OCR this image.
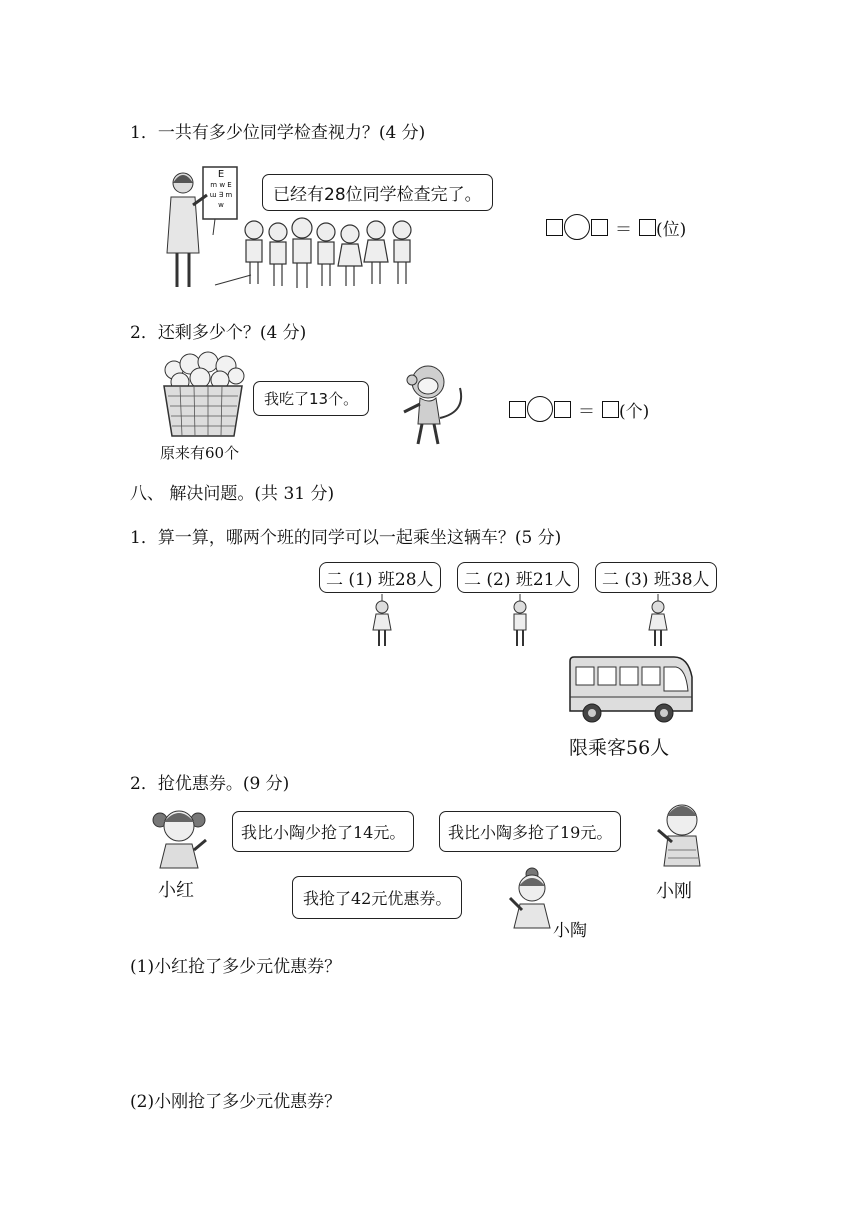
1．一共有多少位同学检查视力？(4 分)
E
m w E
ɯ ∃ m w	已经有28位同学检查完了。
＝ (位)
2．还剩多少个？(4 分)
原来有60个
我吃了13个。
＝ (个)
八、 解决问题。(共 31 分)
1．算一算，哪两个班的同学可以一起乘坐这辆车？(5 分)
二 (1) 班28人	二 (2) 班21人	二 (3) 班38人
限乘客56人
2．抢优惠券。(9 分)
小红
我比小陶少抢了14元。	我比小陶多抢了19元。
小刚
我抢了42元优惠券。
小陶
(1)小红抢了多少元优惠券？
(2)小刚抢了多少元优惠券？
